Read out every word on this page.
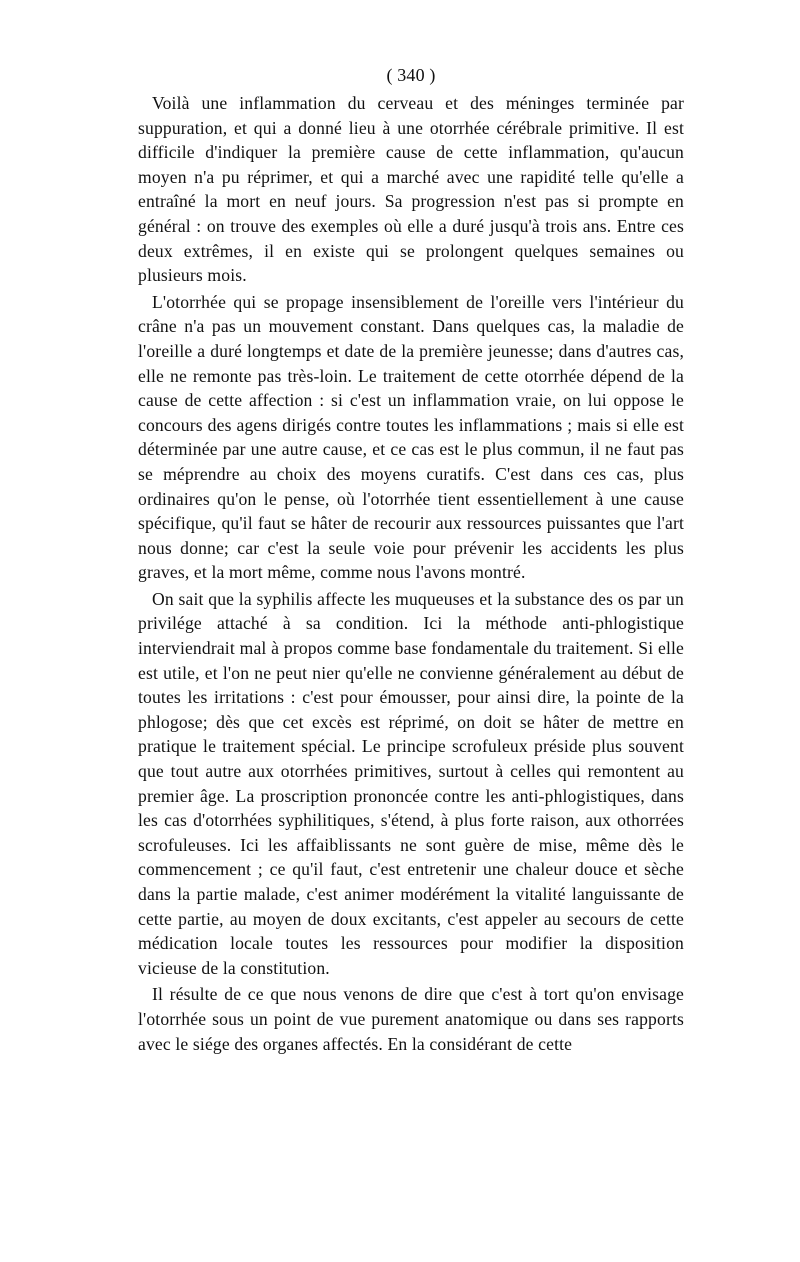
( 340 )

Voilà une inflammation du cerveau et des méninges terminée par suppuration, et qui a donné lieu à une otorrhée cérébrale primitive. Il est difficile d'indiquer la première cause de cette inflammation, qu'aucun moyen n'a pu réprimer, et qui a marché avec une rapidité telle qu'elle a entraîné la mort en neuf jours. Sa progression n'est pas si prompte en général : on trouve des exemples où elle a duré jusqu'à trois ans. Entre ces deux extrêmes, il en existe qui se prolongent quelques semaines ou plusieurs mois.

L'otorrhée qui se propage insensiblement de l'oreille vers l'intérieur du crâne n'a pas un mouvement constant. Dans quelques cas, la maladie de l'oreille a duré longtemps et date de la première jeunesse; dans d'autres cas, elle ne remonte pas très-loin. Le traitement de cette otorrhée dépend de la cause de cette affection : si c'est un inflammation vraie, on lui oppose le concours des agens dirigés contre toutes les inflammations ; mais si elle est déterminée par une autre cause, et ce cas est le plus commun, il ne faut pas se méprendre au choix des moyens curatifs. C'est dans ces cas, plus ordinaires qu'on le pense, où l'otorrhée tient essentiellement à une cause spécifique, qu'il faut se hâter de recourir aux ressources puissantes que l'art nous donne; car c'est la seule voie pour prévenir les accidents les plus graves, et la mort même, comme nous l'avons montré.

On sait que la syphilis affecte les muqueuses et la substance des os par un privilége attaché à sa condition. Ici la méthode anti-phlogistique interviendrait mal à propos comme base fondamentale du traitement. Si elle est utile, et l'on ne peut nier qu'elle ne convienne généralement au début de toutes les irritations : c'est pour émousser, pour ainsi dire, la pointe de la phlogose; dès que cet excès est réprimé, on doit se hâter de mettre en pratique le traitement spécial. Le principe scrofuleux préside plus souvent que tout autre aux otorrhées primitives, surtout à celles qui remontent au premier âge. La proscription prononcée contre les anti-phlogistiques, dans les cas d'otorrhées syphilitiques, s'étend, à plus forte raison, aux othorrées scrofuleuses. Ici les affaiblissants ne sont guère de mise, même dès le commencement ; ce qu'il faut, c'est entretenir une chaleur douce et sèche dans la partie malade, c'est animer modérément la vitalité languissante de cette partie, au moyen de doux excitants, c'est appeler au secours de cette médication locale toutes les ressources pour modifier la disposition vicieuse de la constitution.

Il résulte de ce que nous venons de dire que c'est à tort qu'on envisage l'otorrhée sous un point de vue purement anatomique ou dans ses rapports avec le siége des organes affectés. En la considérant de cette
